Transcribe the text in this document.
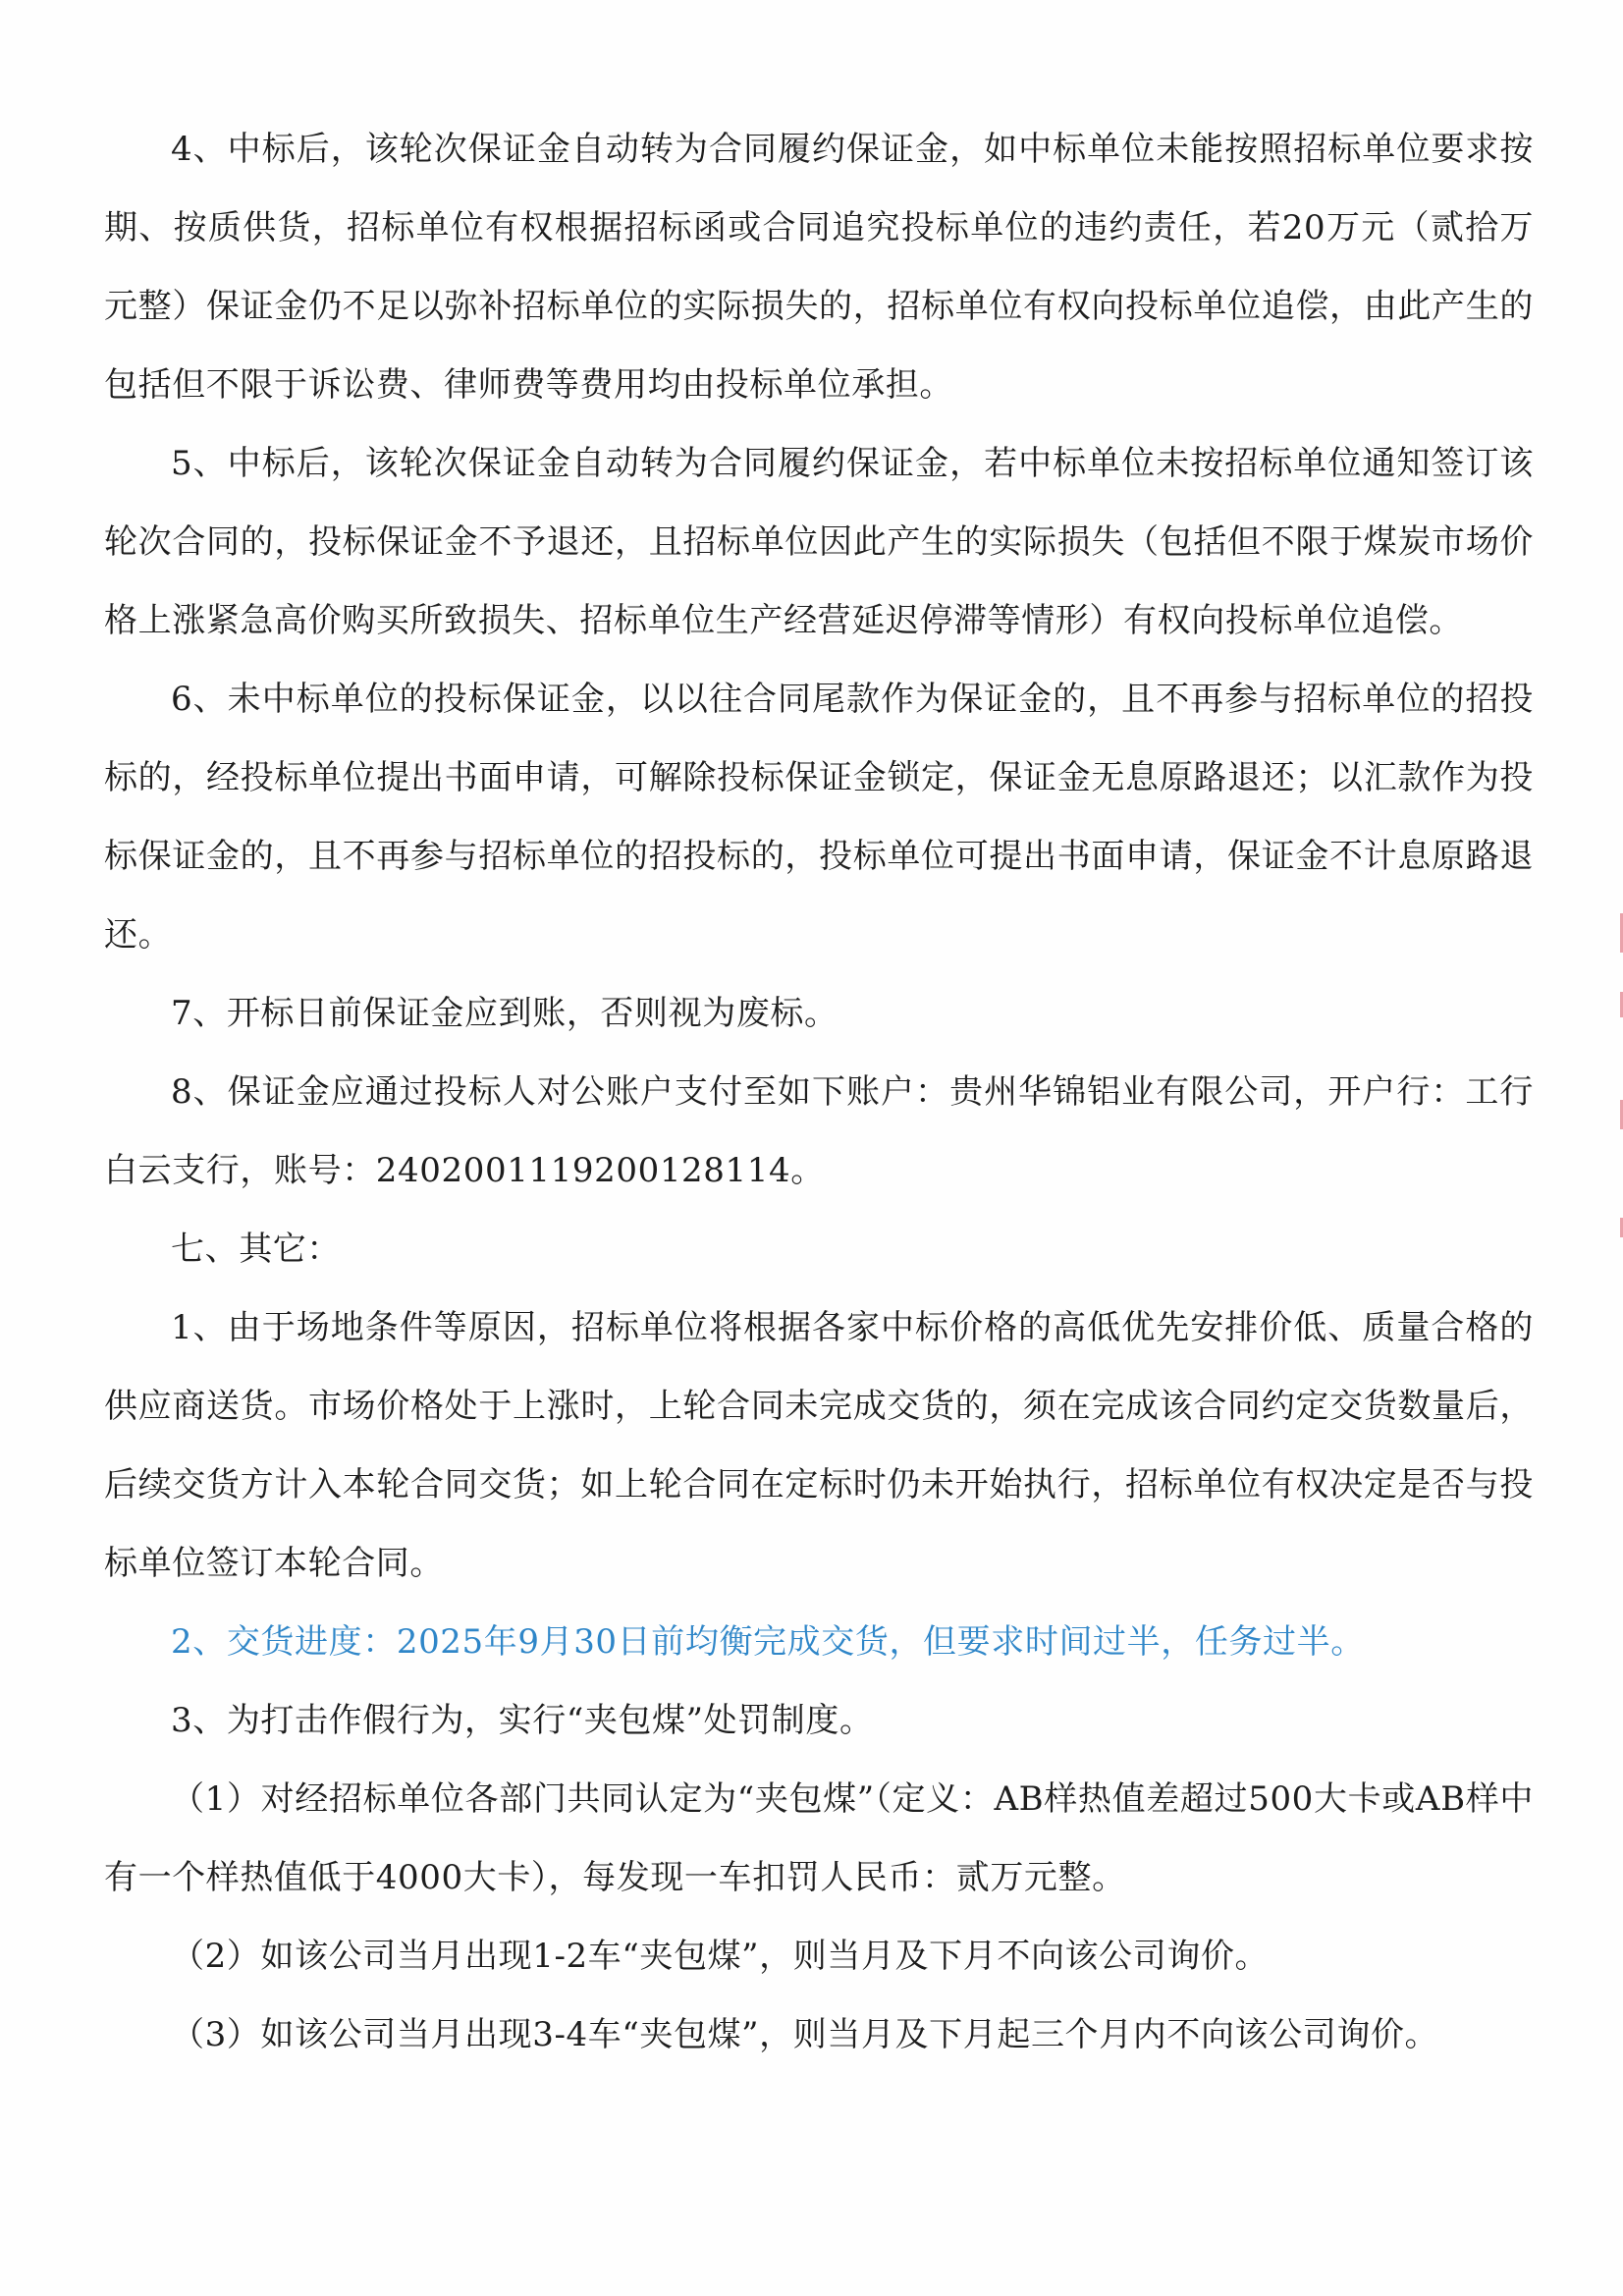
4、中标后，该轮次保证金自动转为合同履约保证金，如中标单位未能按照招标单位要求按期、按质供货，招标单位有权根据招标函或合同追究投标单位的违约责任，若20万元（贰拾万元整）保证金仍不足以弥补招标单位的实际损失的，招标单位有权向投标单位追偿，由此产生的包括但不限于诉讼费、律师费等费用均由投标单位承担。

5、中标后，该轮次保证金自动转为合同履约保证金，若中标单位未按招标单位通知签订该轮次合同的，投标保证金不予退还，且招标单位因此产生的实际损失（包括但不限于煤炭市场价格上涨紧急高价购买所致损失、招标单位生产经营延迟停滞等情形）有权向投标单位追偿。

6、未中标单位的投标保证金，以以往合同尾款作为保证金的，且不再参与招标单位的招投标的，经投标单位提出书面申请，可解除投标保证金锁定，保证金无息原路退还；以汇款作为投标保证金的，且不再参与招标单位的招投标的，投标单位可提出书面申请，保证金不计息原路退还。

7、开标日前保证金应到账，否则视为废标。

8、保证金应通过投标人对公账户支付至如下账户：贵州华锦铝业有限公司，开户行：工行白云支行，账号：2402001119200128114。

七、其它：

1、由于场地条件等原因，招标单位将根据各家中标价格的高低优先安排价低、质量合格的供应商送货。市场价格处于上涨时，上轮合同未完成交货的，须在完成该合同约定交货数量后，后续交货方计入本轮合同交货；如上轮合同在定标时仍未开始执行，招标单位有权决定是否与投标单位签订本轮合同。

2、交货进度：2025年9月30日前均衡完成交货，但要求时间过半，任务过半。

3、为打击作假行为，实行“夹包煤”处罚制度。

（1）对经招标单位各部门共同认定为“夹包煤”（定义：AB样热值差超过500大卡或AB样中有一个样热值低于4000大卡），每发现一车扣罚人民币：贰万元整。

（2）如该公司当月出现1-2车“夹包煤”，则当月及下月不向该公司询价。

（3）如该公司当月出现3-4车“夹包煤”，则当月及下月起三个月内不向该公司询价。
